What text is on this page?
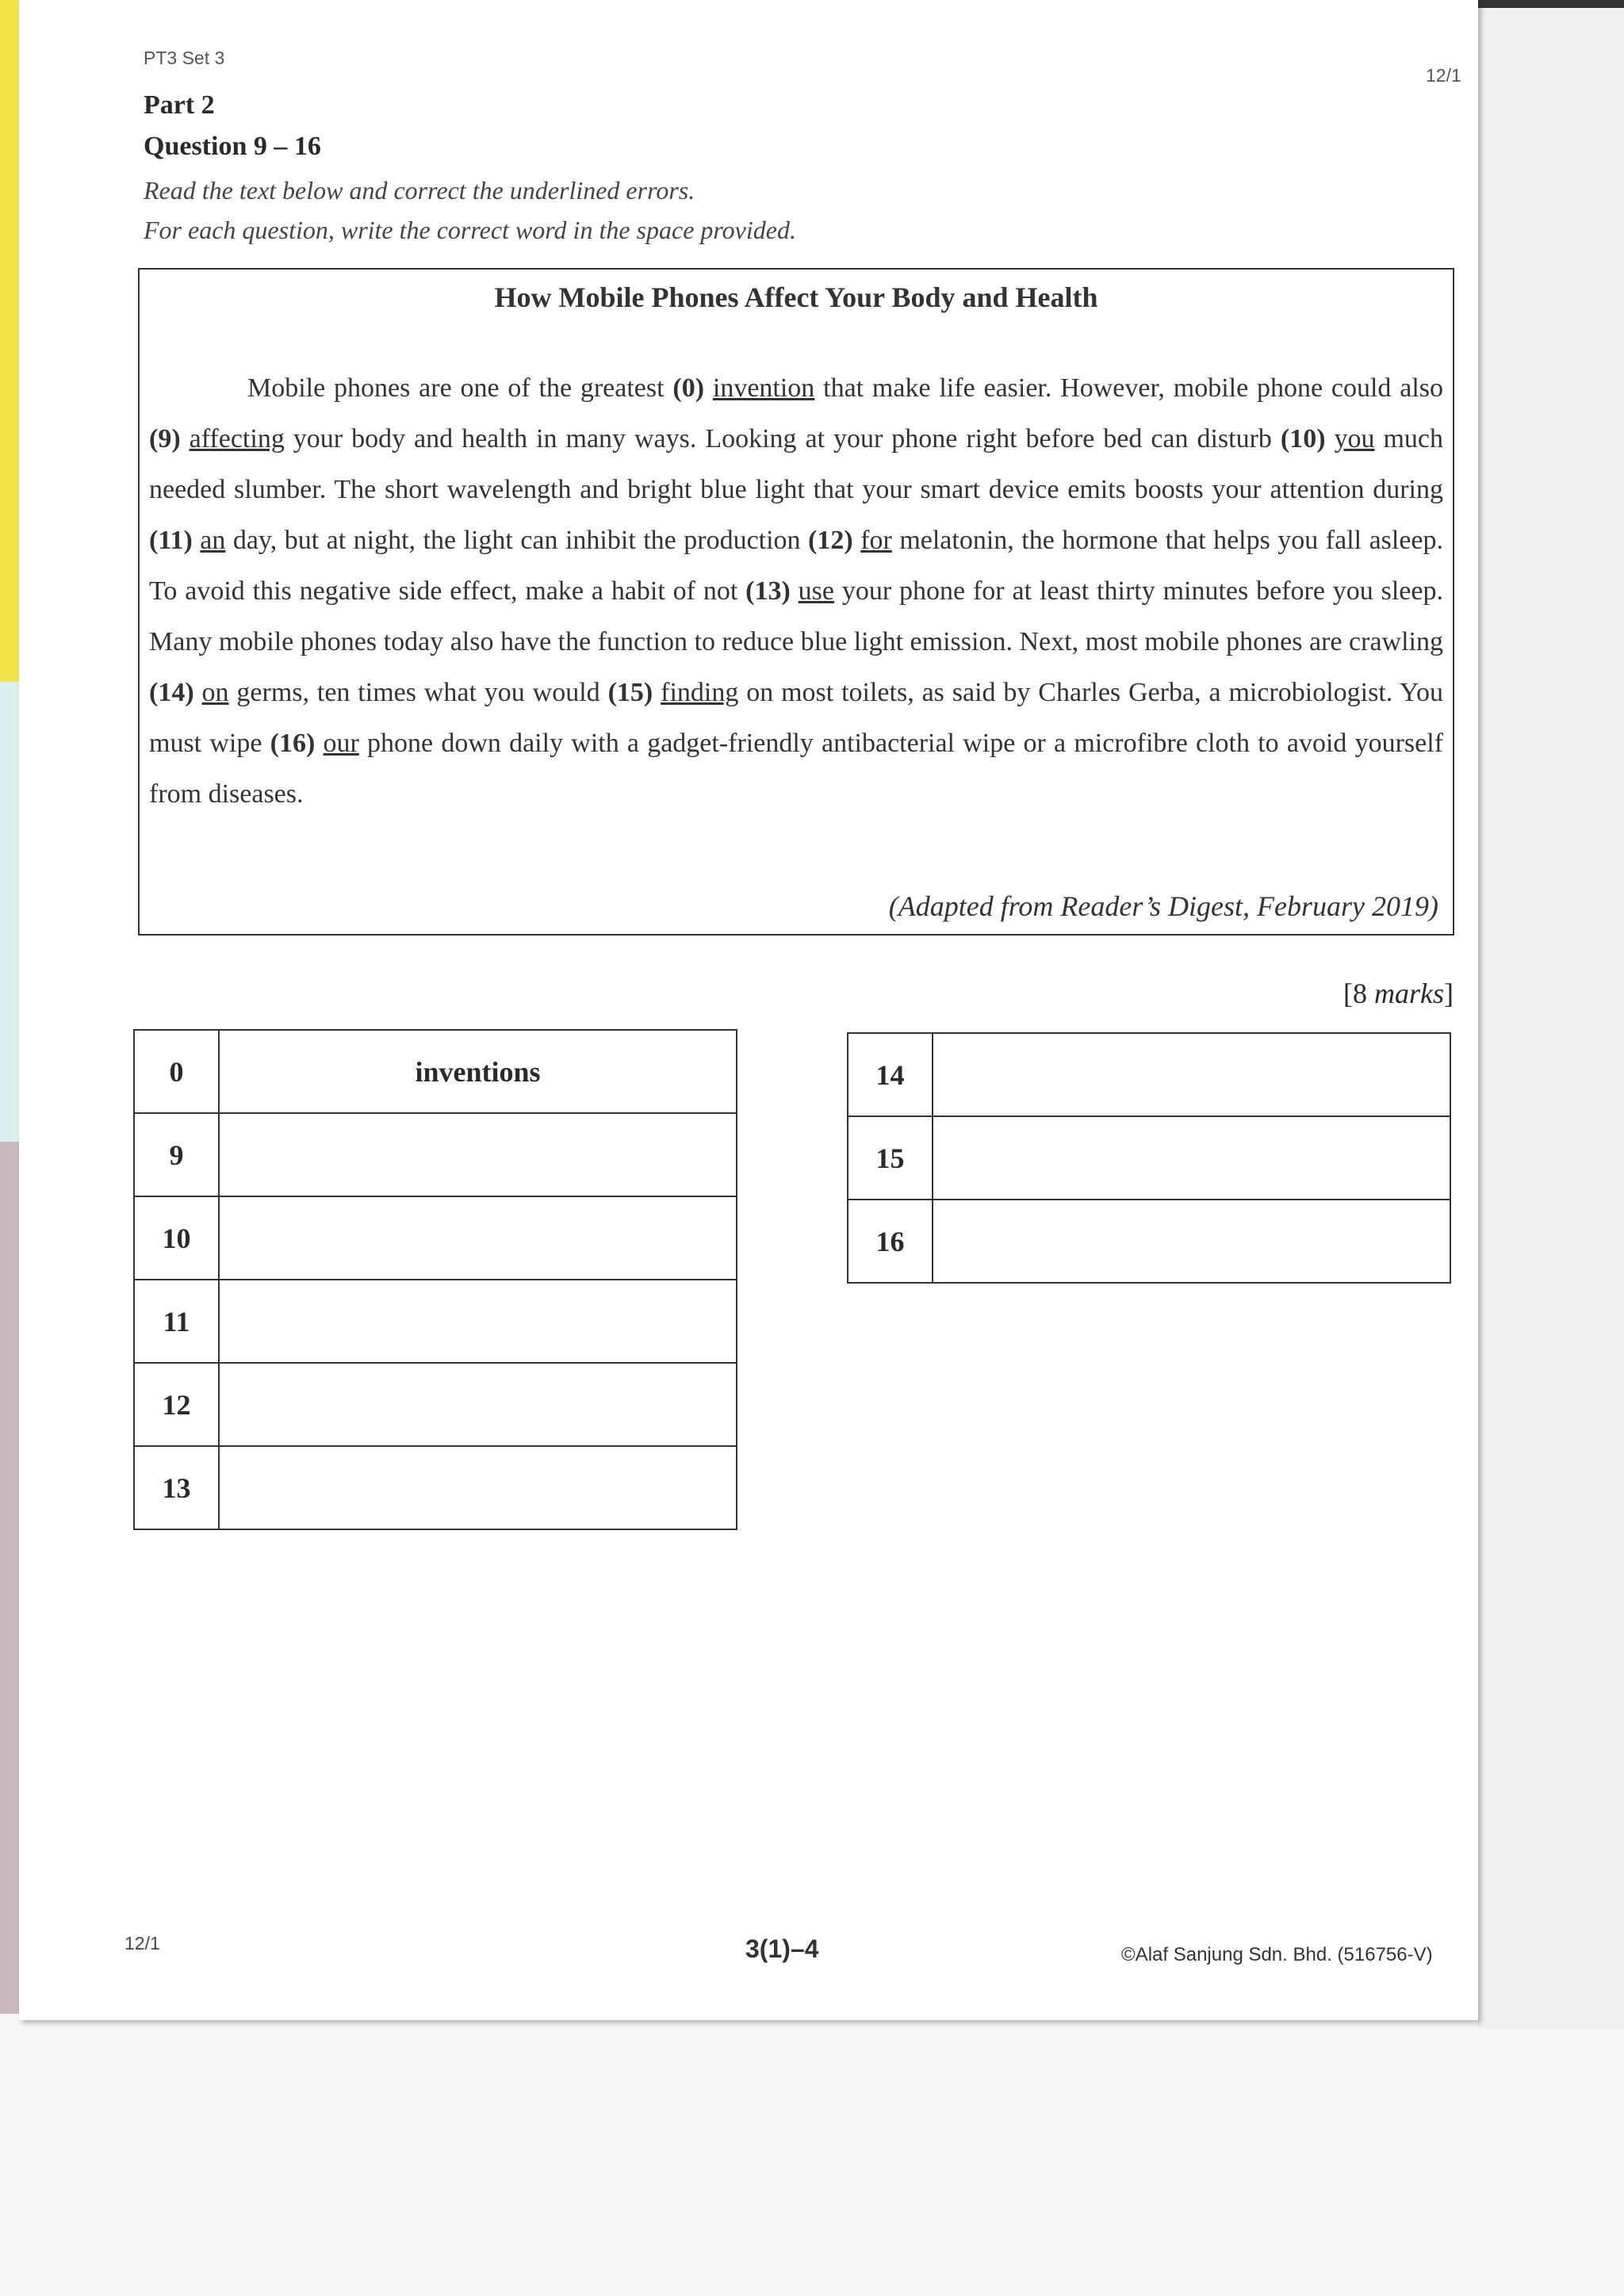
PT3 Set 3
12/1
Part 2
Question 9 – 16
Read the text below and correct the underlined errors.
For each question, write the correct word in the space provided.
How Mobile Phones Affect Your Body and Health

Mobile phones are one of the greatest (0) invention that make life easier. However, mobile phone could also (9) affecting your body and health in many ways. Looking at your phone right before bed can disturb (10) you much needed slumber. The short wavelength and bright blue light that your smart device emits boosts your attention during (11) an day, but at night, the light can inhibit the production (12) for melatonin, the hormone that helps you fall asleep. To avoid this negative side effect, make a habit of not (13) use your phone for at least thirty minutes before you sleep. Many mobile phones today also have the function to reduce blue light emission. Next, most mobile phones are crawling (14) on germs, ten times what you would (15) finding on most toilets, as said by Charles Gerba, a microbiologist. You must wipe (16) our phone down daily with a gadget-friendly antibacterial wipe or a microfibre cloth to avoid yourself from diseases.

(Adapted from Reader’s Digest, February 2019)
[8 marks]
0	inventions
9	
10	
11	
12	
13	
14	
15	
16	
12/1	3(1)–4	©Alaf Sanjung Sdn. Bhd. (516756-V)
